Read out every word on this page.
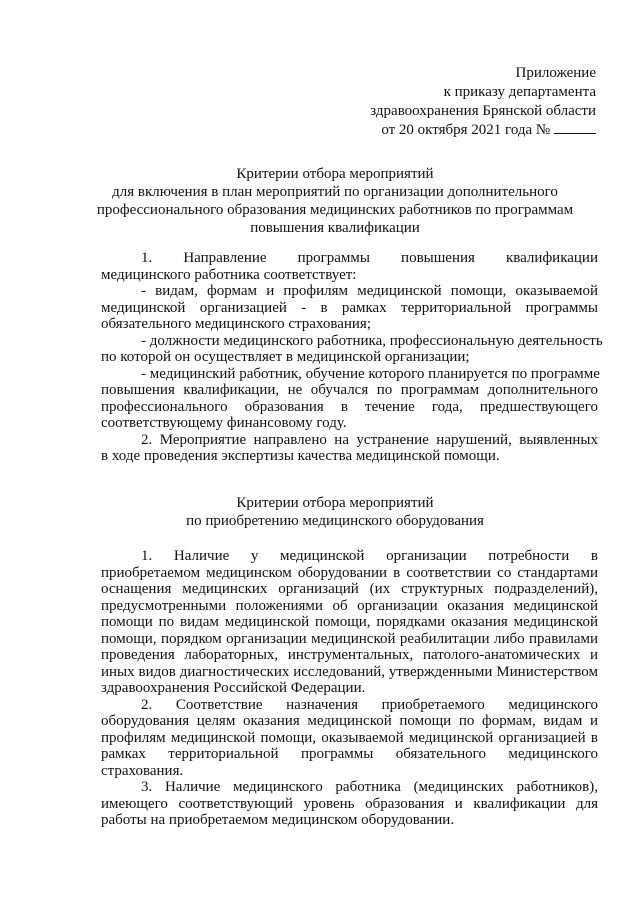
Приложение
к приказу департамента
здравоохранения Брянской области
от 20 октября 2021 года №
Критерии отбора мероприятий
для включения в план мероприятий по организации дополнительного
профессионального образования медицинских работников по программам
повышения квалификации
1. Направление программы повышения квалификации
медицинского работника соответствует:
- видам, формам и профилям медицинской помощи, оказываемой
медицинской организацией - в рамках территориальной программы
обязательного медицинского страхования;
- должности медицинского работника, профессиональную деятельность
по которой он осуществляет в медицинской организации;
- медицинский работник, обучение которого планируется по программе
повышения квалификации, не обучался по программам дополнительного
профессионального образования в течение года, предшествующего
соответствующему финансовому году.
2. Мероприятие направлено на устранение нарушений, выявленных
в ходе проведения экспертизы качества медицинской помощи.
Критерии отбора мероприятий
по приобретению медицинского оборудования
1. Наличие у медицинской организации потребности в
приобретаемом медицинском оборудовании в соответствии со стандартами
оснащения медицинских организаций (их структурных подразделений),
предусмотренными положениями об организации оказания медицинской
помощи по видам медицинской помощи, порядками оказания медицинской
помощи, порядком организации медицинской реабилитации либо правилами
проведения лабораторных, инструментальных, патолого-анатомических и
иных видов диагностических исследований, утвержденными Министерством
здравоохранения Российской Федерации.
2. Соответствие назначения приобретаемого медицинского
оборудования целям оказания медицинской помощи по формам, видам и
профилям медицинской помощи, оказываемой медицинской организацией в
рамках территориальной программы обязательного медицинского
страхования.
3. Наличие медицинского работника (медицинских работников),
имеющего соответствующий уровень образования и квалификации для
работы на приобретаемом медицинском оборудовании.
